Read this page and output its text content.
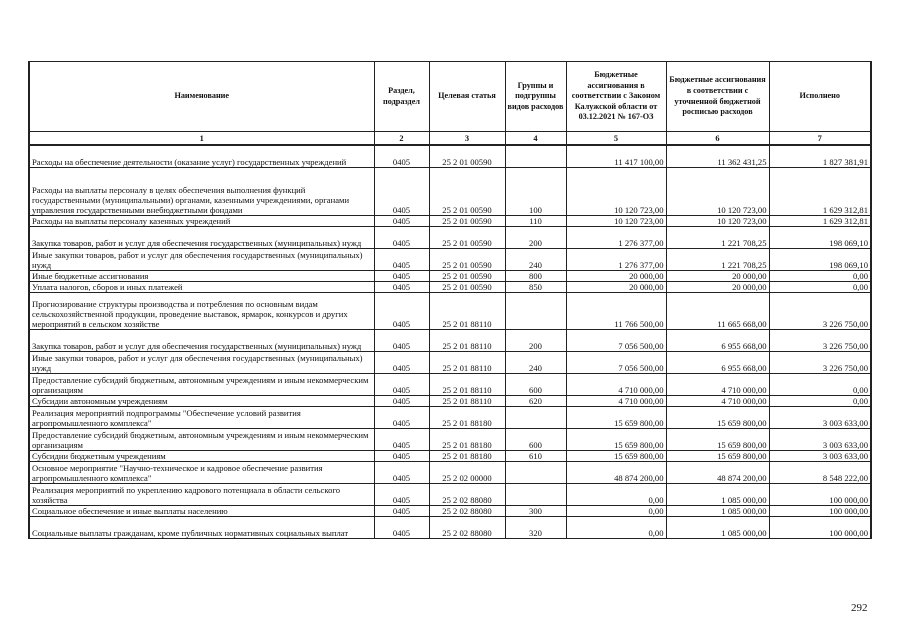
Наименование	Раздел, подраздел	Целевая статья	Группы и подгруппы видов расходов	Бюджетные ассигнования в соответствии с Законом Калужской области от 03.12.2021 № 167-ОЗ	Бюджетные ассигнования в соответствии с уточненной бюджетной росписью расходов	Исполнено
1	2	3	4	5	6	7
Расходы на обеспечение деятельности (оказание услуг) государственных учреждений	0405	25 2 01 00590		11 417 100,00	11 362 431,25	1 827 381,91
Расходы на выплаты персоналу в целях обеспечения выполнения функций государственными (муниципальными) органами, казенными учреждениями, органами управления государственными внебюджетными фондами	0405	25 2 01 00590	100	10 120 723,00	10 120 723,00	1 629 312,81
Расходы на выплаты персоналу казенных учреждений	0405	25 2 01 00590	110	10 120 723,00	10 120 723,00	1 629 312,81
Закупка товаров, работ и услуг для обеспечения государственных (муниципальных) нужд	0405	25 2 01 00590	200	1 276 377,00	1 221 708,25	198 069,10
Иные закупки товаров, работ и услуг для обеспечения государственных (муниципальных) нужд	0405	25 2 01 00590	240	1 276 377,00	1 221 708,25	198 069,10
Иные бюджетные ассигнования	0405	25 2 01 00590	800	20 000,00	20 000,00	0,00
Уплата налогов, сборов и иных платежей	0405	25 2 01 00590	850	20 000,00	20 000,00	0,00
Прогнозирование структуры производства и потребления по основным видам сельскохозяйственной продукции, проведение выставок, ярмарок, конкурсов и других мероприятий в сельском хозяйстве	0405	25 2 01 88110		11 766 500,00	11 665 668,00	3 226 750,00
Закупка товаров, работ и услуг для обеспечения государственных (муниципальных) нужд	0405	25 2 01 88110	200	7 056 500,00	6 955 668,00	3 226 750,00
Иные закупки товаров, работ и услуг для обеспечения государственных (муниципальных) нужд	0405	25 2 01 88110	240	7 056 500,00	6 955 668,00	3 226 750,00
Предоставление субсидий бюджетным, автономным учреждениям и иным некоммерческим организациям	0405	25 2 01 88110	600	4 710 000,00	4 710 000,00	0,00
Субсидии автономным учреждениям	0405	25 2 01 88110	620	4 710 000,00	4 710 000,00	0,00
Реализация мероприятий подпрограммы "Обеспечение условий развития агропромышленного комплекса"	0405	25 2 01 88180		15 659 800,00	15 659 800,00	3 003 633,00
Предоставление субсидий бюджетным, автономным учреждениям и иным некоммерческим организациям	0405	25 2 01 88180	600	15 659 800,00	15 659 800,00	3 003 633,00
Субсидии бюджетным учреждениям	0405	25 2 01 88180	610	15 659 800,00	15 659 800,00	3 003 633,00
Основное мероприятие "Научно-техническое и кадровое обеспечение развития агропромышленного комплекса"	0405	25 2 02 00000		48 874 200,00	48 874 200,00	8 548 222,00
Реализация мероприятий по укреплению кадрового потенциала в области сельского хозяйства	0405	25 2 02 88080		0,00	1 085 000,00	100 000,00
Социальное обеспечение и иные выплаты населению	0405	25 2 02 88080	300	0,00	1 085 000,00	100 000,00
Социальные выплаты гражданам, кроме публичных нормативных социальных выплат	0405	25 2 02 88080	320	0,00	1 085 000,00	100 000,00
292
